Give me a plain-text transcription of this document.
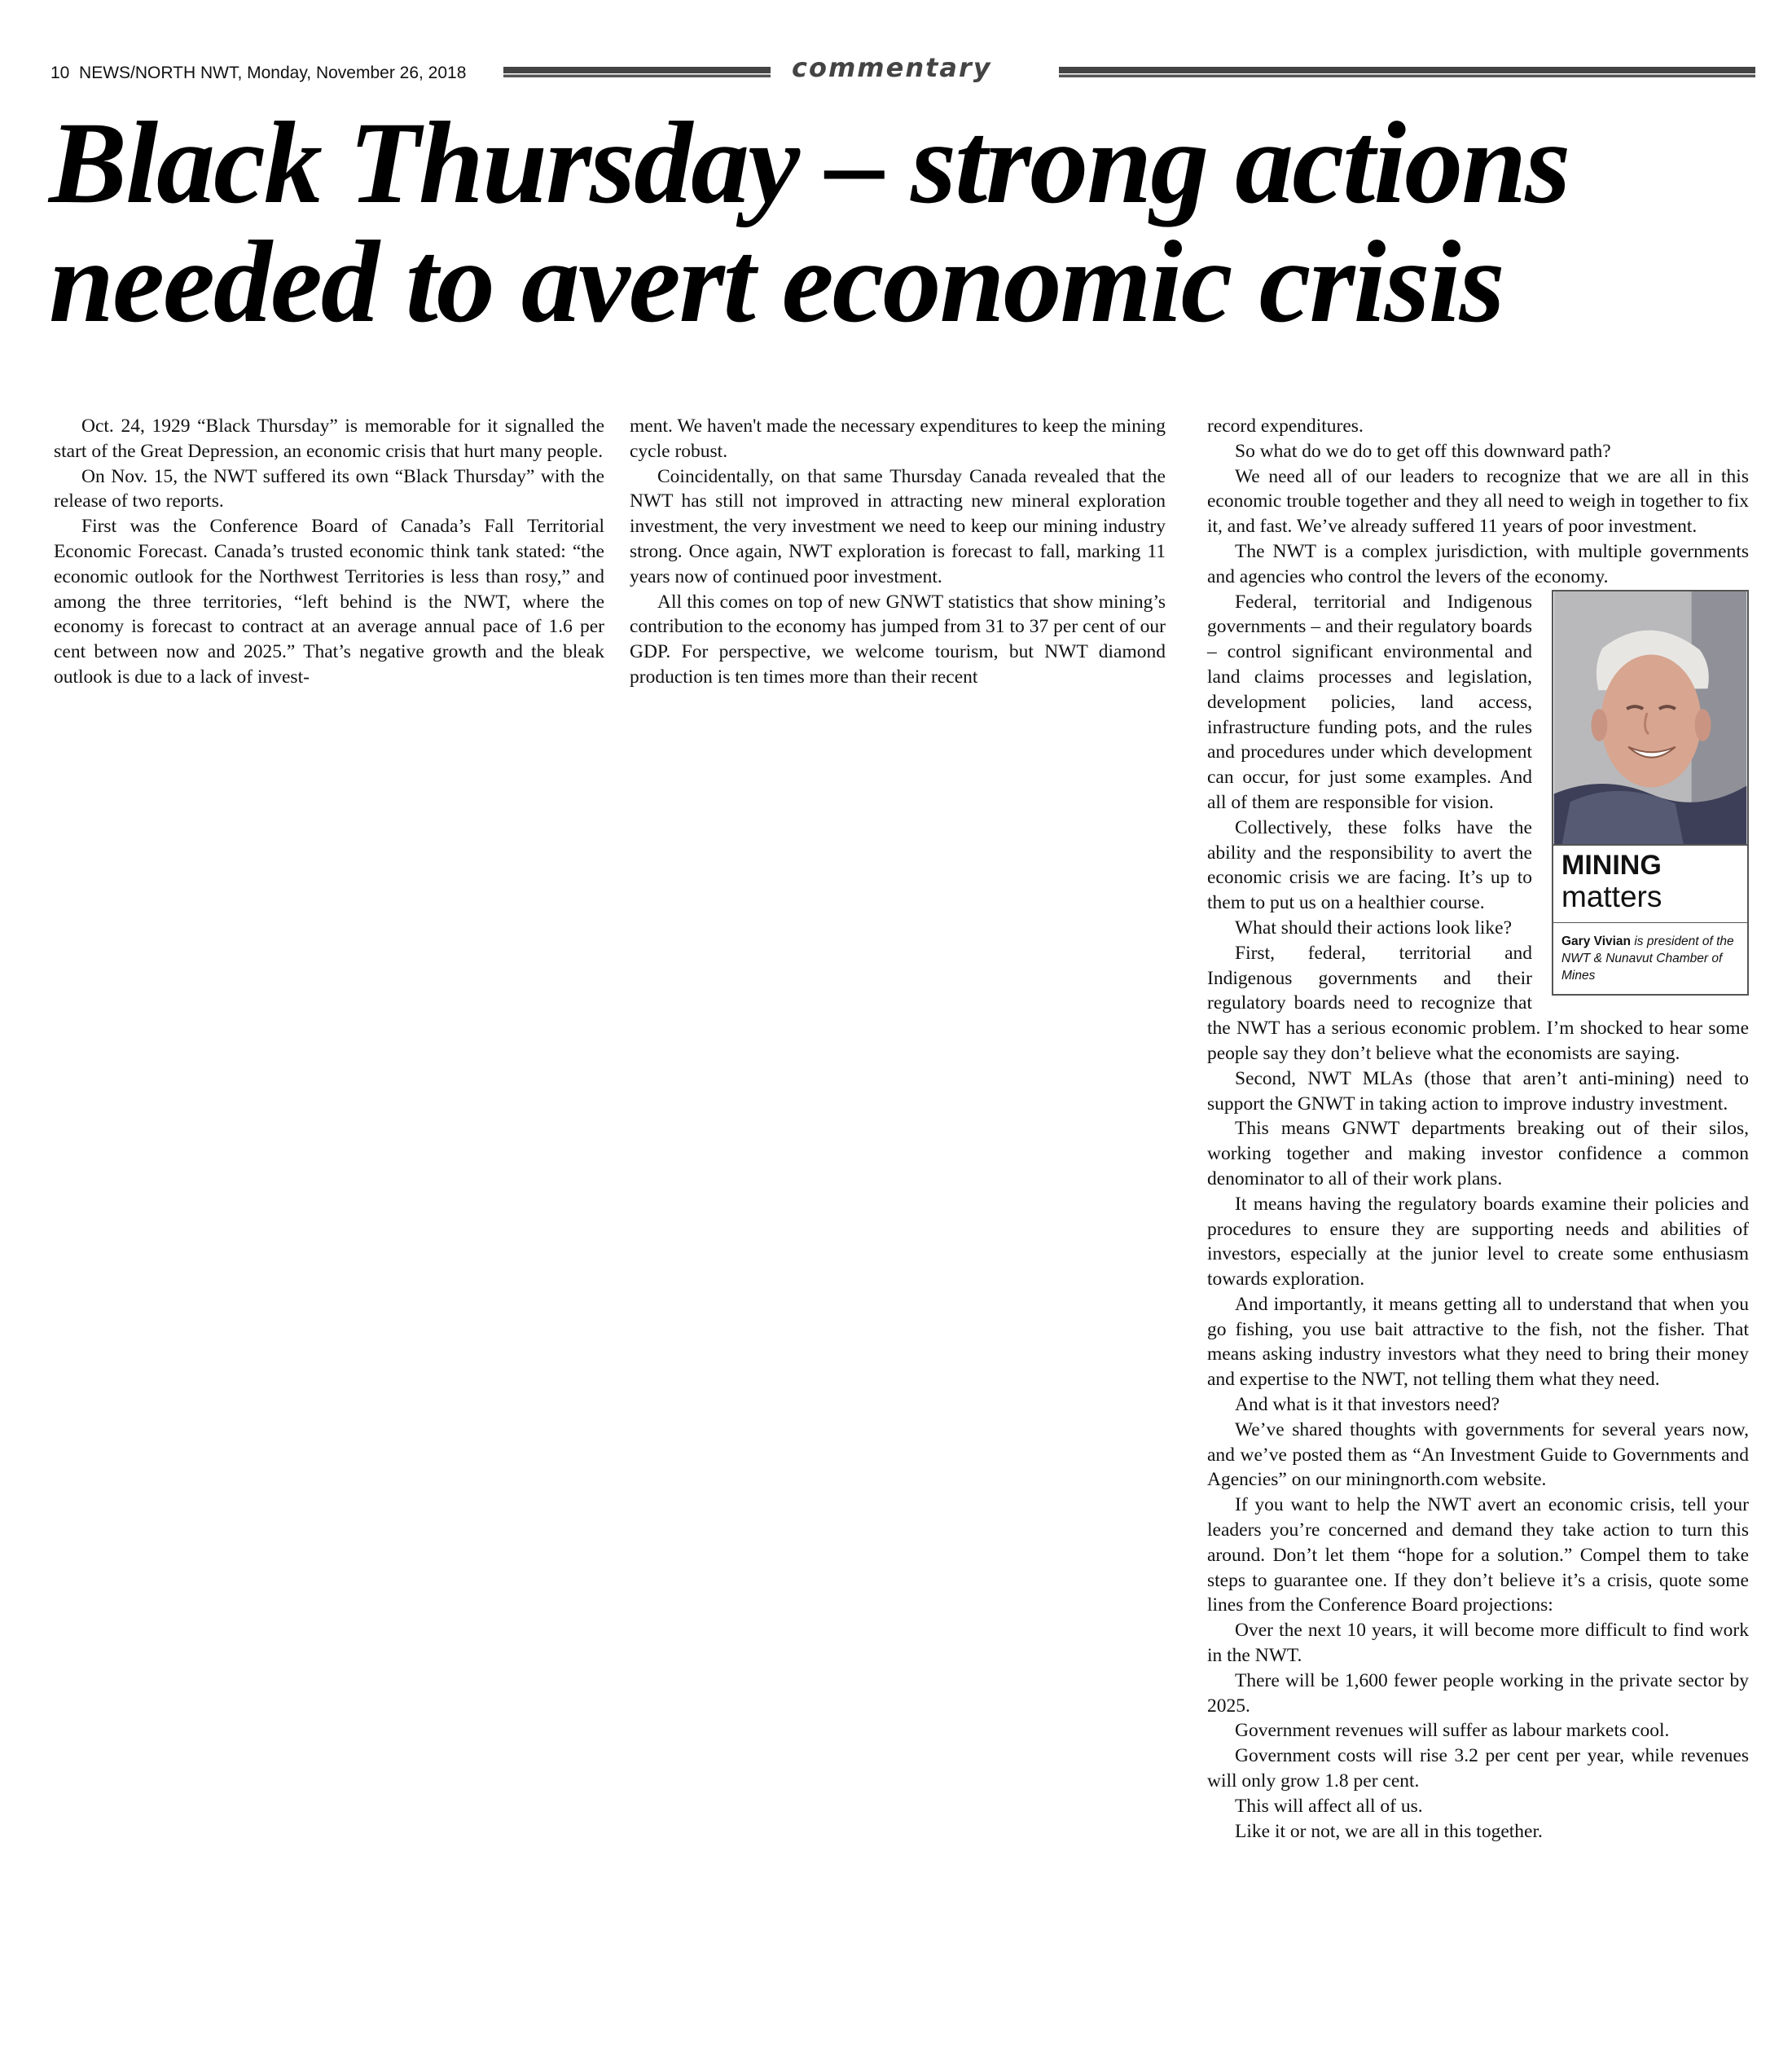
10 NEWS/NORTH NWT, Monday, November 26, 2018	commentary
Black Thursday – strong actions
needed to avert economic crisis

Oct. 24, 1929 “Black Thursday” is memorable for it signalled the start of the Great Depression, an economic crisis that hurt many people.

On Nov. 15, the NWT suffered its own “Black Thursday” with the release of two reports.

First was the Conference Board of Canada’s Fall Territorial Economic Forecast. Canada’s trusted economic think tank stated: “the economic outlook for the Northwest Territories is less than rosy,” and among the three territories, “left behind is the NWT, where the economy is forecast to contract at an average annual pace of 1.6 per cent between now and 2025.” That’s negative growth and the bleak outlook is due to a lack of invest-

ment. We haven't made the necessary expenditures to keep the mining cycle robust.

Coincidentally, on that same Thursday Canada revealed that the NWT has still not improved in attracting new mineral exploration investment, the very investment we need to keep our mining industry strong. Once again, NWT exploration is forecast to fall, marking 11 years now of continued poor investment.

All this comes on top of new GNWT statistics that show mining’s contribution to the economy has jumped from 31 to 37 per cent of our GDP. For perspective, we welcome tourism, but NWT diamond production is ten times more than their recent

record expenditures.

So what do we do to get off this downward path?

We need all of our leaders to recognize that we are all in this economic trouble together and they all need to weigh in together to fix it, and fast. We’ve already suffered 11 years of poor investment.

The NWT is a complex jurisdiction, with multiple governments and agencies who control the levers of the economy.

MINING
matters
Gary Vivian is president of the NWT & Nunavut Chamber of Mines

Federal, territorial and Indigenous governments – and their regulatory boards – control significant environmental and land claims processes and legislation, development policies, land access, infrastructure funding pots, and the rules and procedures under which development can occur, for just some examples. And all of them are responsible for vision.

Collectively, these folks have the ability and the responsibility to avert the economic crisis we are facing. It’s up to them to put us on a healthier course.

What should their actions look like?

First, federal, territorial and Indigenous governments and their regulatory boards need to recognize that the NWT has a serious economic problem. I’m shocked to hear some people say they don’t believe what the economists are saying.

Second, NWT MLAs (those that aren’t anti-mining) need to support the GNWT in taking action to improve industry investment.

This means GNWT departments breaking out of their silos, working together and making investor confidence a common denominator to all of their work plans.

It means having the regulatory boards examine their policies and procedures to ensure they are supporting needs and abilities of investors, especially at the junior level to create some enthusiasm towards exploration.

And importantly, it means getting all to understand that when you go fishing, you use bait attractive to the fish, not the fisher. That means asking industry investors what they need to bring their money and expertise to the NWT, not telling them what they need.

And what is it that investors need?

We’ve shared thoughts with governments for several years now, and we’ve posted them as “An Investment Guide to Governments and Agencies” on our miningnorth.com website.

If you want to help the NWT avert an economic crisis, tell your leaders you’re concerned and demand they take action to turn this around. Don’t let them “hope for a solution.” Compel them to take steps to guarantee one. If they don’t believe it’s a crisis, quote some lines from the Conference Board projections:

Over the next 10 years, it will become more difficult to find work in the NWT.

There will be 1,600 fewer people working in the private sector by 2025.

Government revenues will suffer as labour markets cool.

Government costs will rise 3.2 per cent per year, while revenues will only grow 1.8 per cent.

This will affect all of us.

Like it or not, we are all in this together.
